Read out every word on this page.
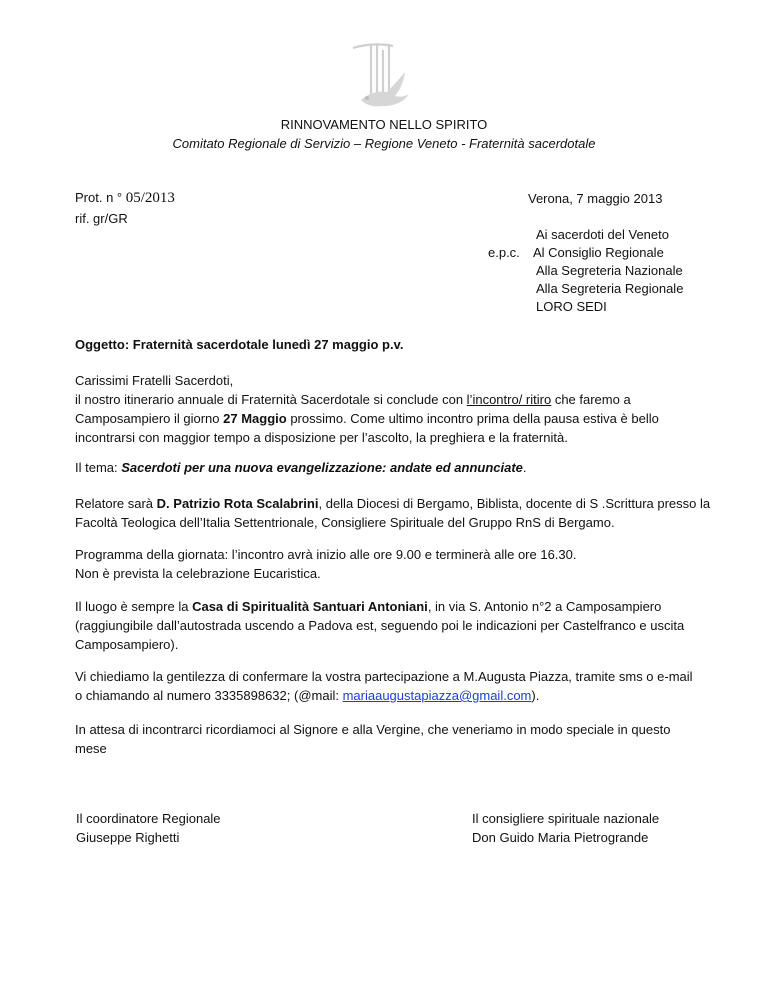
RINNOVAMENTO NELLO SPIRITO
Comitato Regionale di Servizio – Regione Veneto - Fraternità sacerdotale
Prot. n ° 05/2013
rif. gr/GR
Verona, 7 maggio 2013
Ai sacerdoti del Veneto
e.p.c. Al Consiglio Regionale
Alla Segreteria Nazionale
Alla Segreteria Regionale
LORO SEDI
Oggetto: Fraternità sacerdotale lunedì 27 maggio p.v.

Carissimi Fratelli Sacerdoti,

il nostro itinerario annuale di Fraternità Sacerdotale si conclude con l’incontro/ ritiro che faremo a

Camposampiero il giorno 27 Maggio prossimo. Come ultimo incontro prima della pausa estiva è bello

incontrarsi con maggior tempo a disposizione per l’ascolto, la preghiera e la fraternità.

Il tema: Sacerdoti per una nuova evangelizzazione: andate ed annunciate.

Relatore sarà D. Patrizio Rota Scalabrini, della Diocesi di Bergamo, Biblista, docente di S .Scrittura presso la

Facoltà Teologica dell’Italia Settentrionale, Consigliere Spirituale del Gruppo RnS di Bergamo.

Programma della giornata: l’incontro avrà inizio alle ore 9.00 e terminerà alle ore 16.30.

Non è prevista la celebrazione Eucaristica.

Il luogo è sempre la Casa di Spiritualità Santuari Antoniani, in via S. Antonio n°2 a Camposampiero

(raggiungibile dall’autostrada uscendo a Padova est, seguendo poi le indicazioni per Castelfranco e uscita

Camposampiero).

Vi chiediamo la gentilezza di confermare la vostra partecipazione a M.Augusta Piazza, tramite sms o e-mail

o chiamando al numero 3335898632; (@mail: mariaaugustapiazza@gmail.com).

In attesa di incontrarci ricordiamoci al Signore e alla Vergine, che veneriamo in modo speciale in questo

mese

Il coordinatore Regionale
Giuseppe Righetti
Il consigliere spirituale nazionale
Don Guido Maria Pietrogrande
